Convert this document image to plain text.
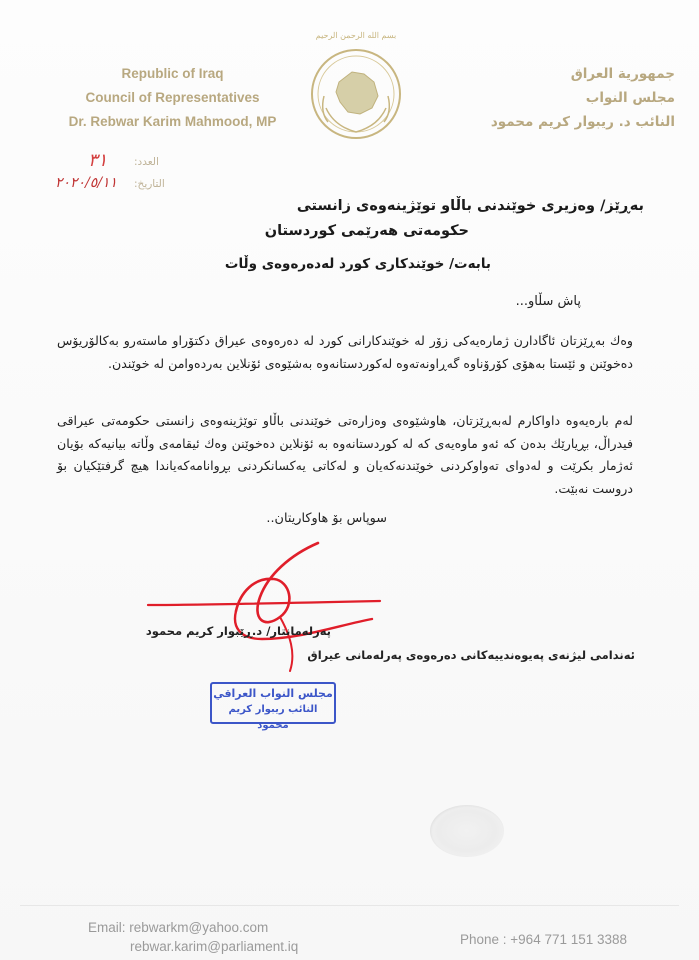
Republic of Iraq
Council of Representatives
Dr. Rebwar Karim Mahmood, MP
بسم الله الرحمن الرحيم
جمهورية العراق
مجلس النواب
النائب د. ريبوار كريم محمود
٣١	العدد:
٢٠٢٠/٥/١١ التاريخ:
بەڕێز/ وەزیری خوێندنی باڵاو توێژینەوەی زانستی
حکومەتی هەرێمی کوردستان
بابەت/ خوێندکاری کورد لەدەرەوەی وڵات
پاش سڵاو...
وەك بەڕێزتان ئاگادارن ژمارەیەکی زۆر لە خوێندکارانی کورد لە دەرەوەی عیراق دکتۆراو ماستەرو بەکالۆریۆس دەخوێنن و ئێستا بەهۆی کۆرۆناوە گەڕاونەتەوە لەکوردستانەوە بەشێوەی ئۆنلاین بەردەوامن لە خوێندن.
لەم بارەیەوە داواکارم لەبەڕێزتان، هاوشێوەی وەزارەتی خوێندنی باڵاو توێژینەوەی زانستی حکومەتی عیراقی فیدراڵ، بڕیارێك بدەن کە ئەو ماوەیەی کە لە کوردستانەوە بە ئۆنلاین دەخوێنن وەك ئیقامەی وڵاتە بیانیەکە بۆیان ئەژمار بکرێت و لەدوای تەواوکردنی خوێندنەکەیان و لەکاتی یەکسانکردنی بڕوانامەکەیاندا هیچ گرفتێکیان بۆ دروست نەبێت.
سوپاس بۆ هاوکاریتان..
پەرلەمانتار/ د.ڕێبوار کریم محمود
ئەندامی لیژنەی پەیوەندییەکانی دەرەوەی پەرلەمانی عیراق
مجلس النواب العراقي
النائب ريبوار كريم محمود
Email: rebwarkm@yahoo.com
rebwar.karim@parliament.iq	Phone : +964 771 151 3388
